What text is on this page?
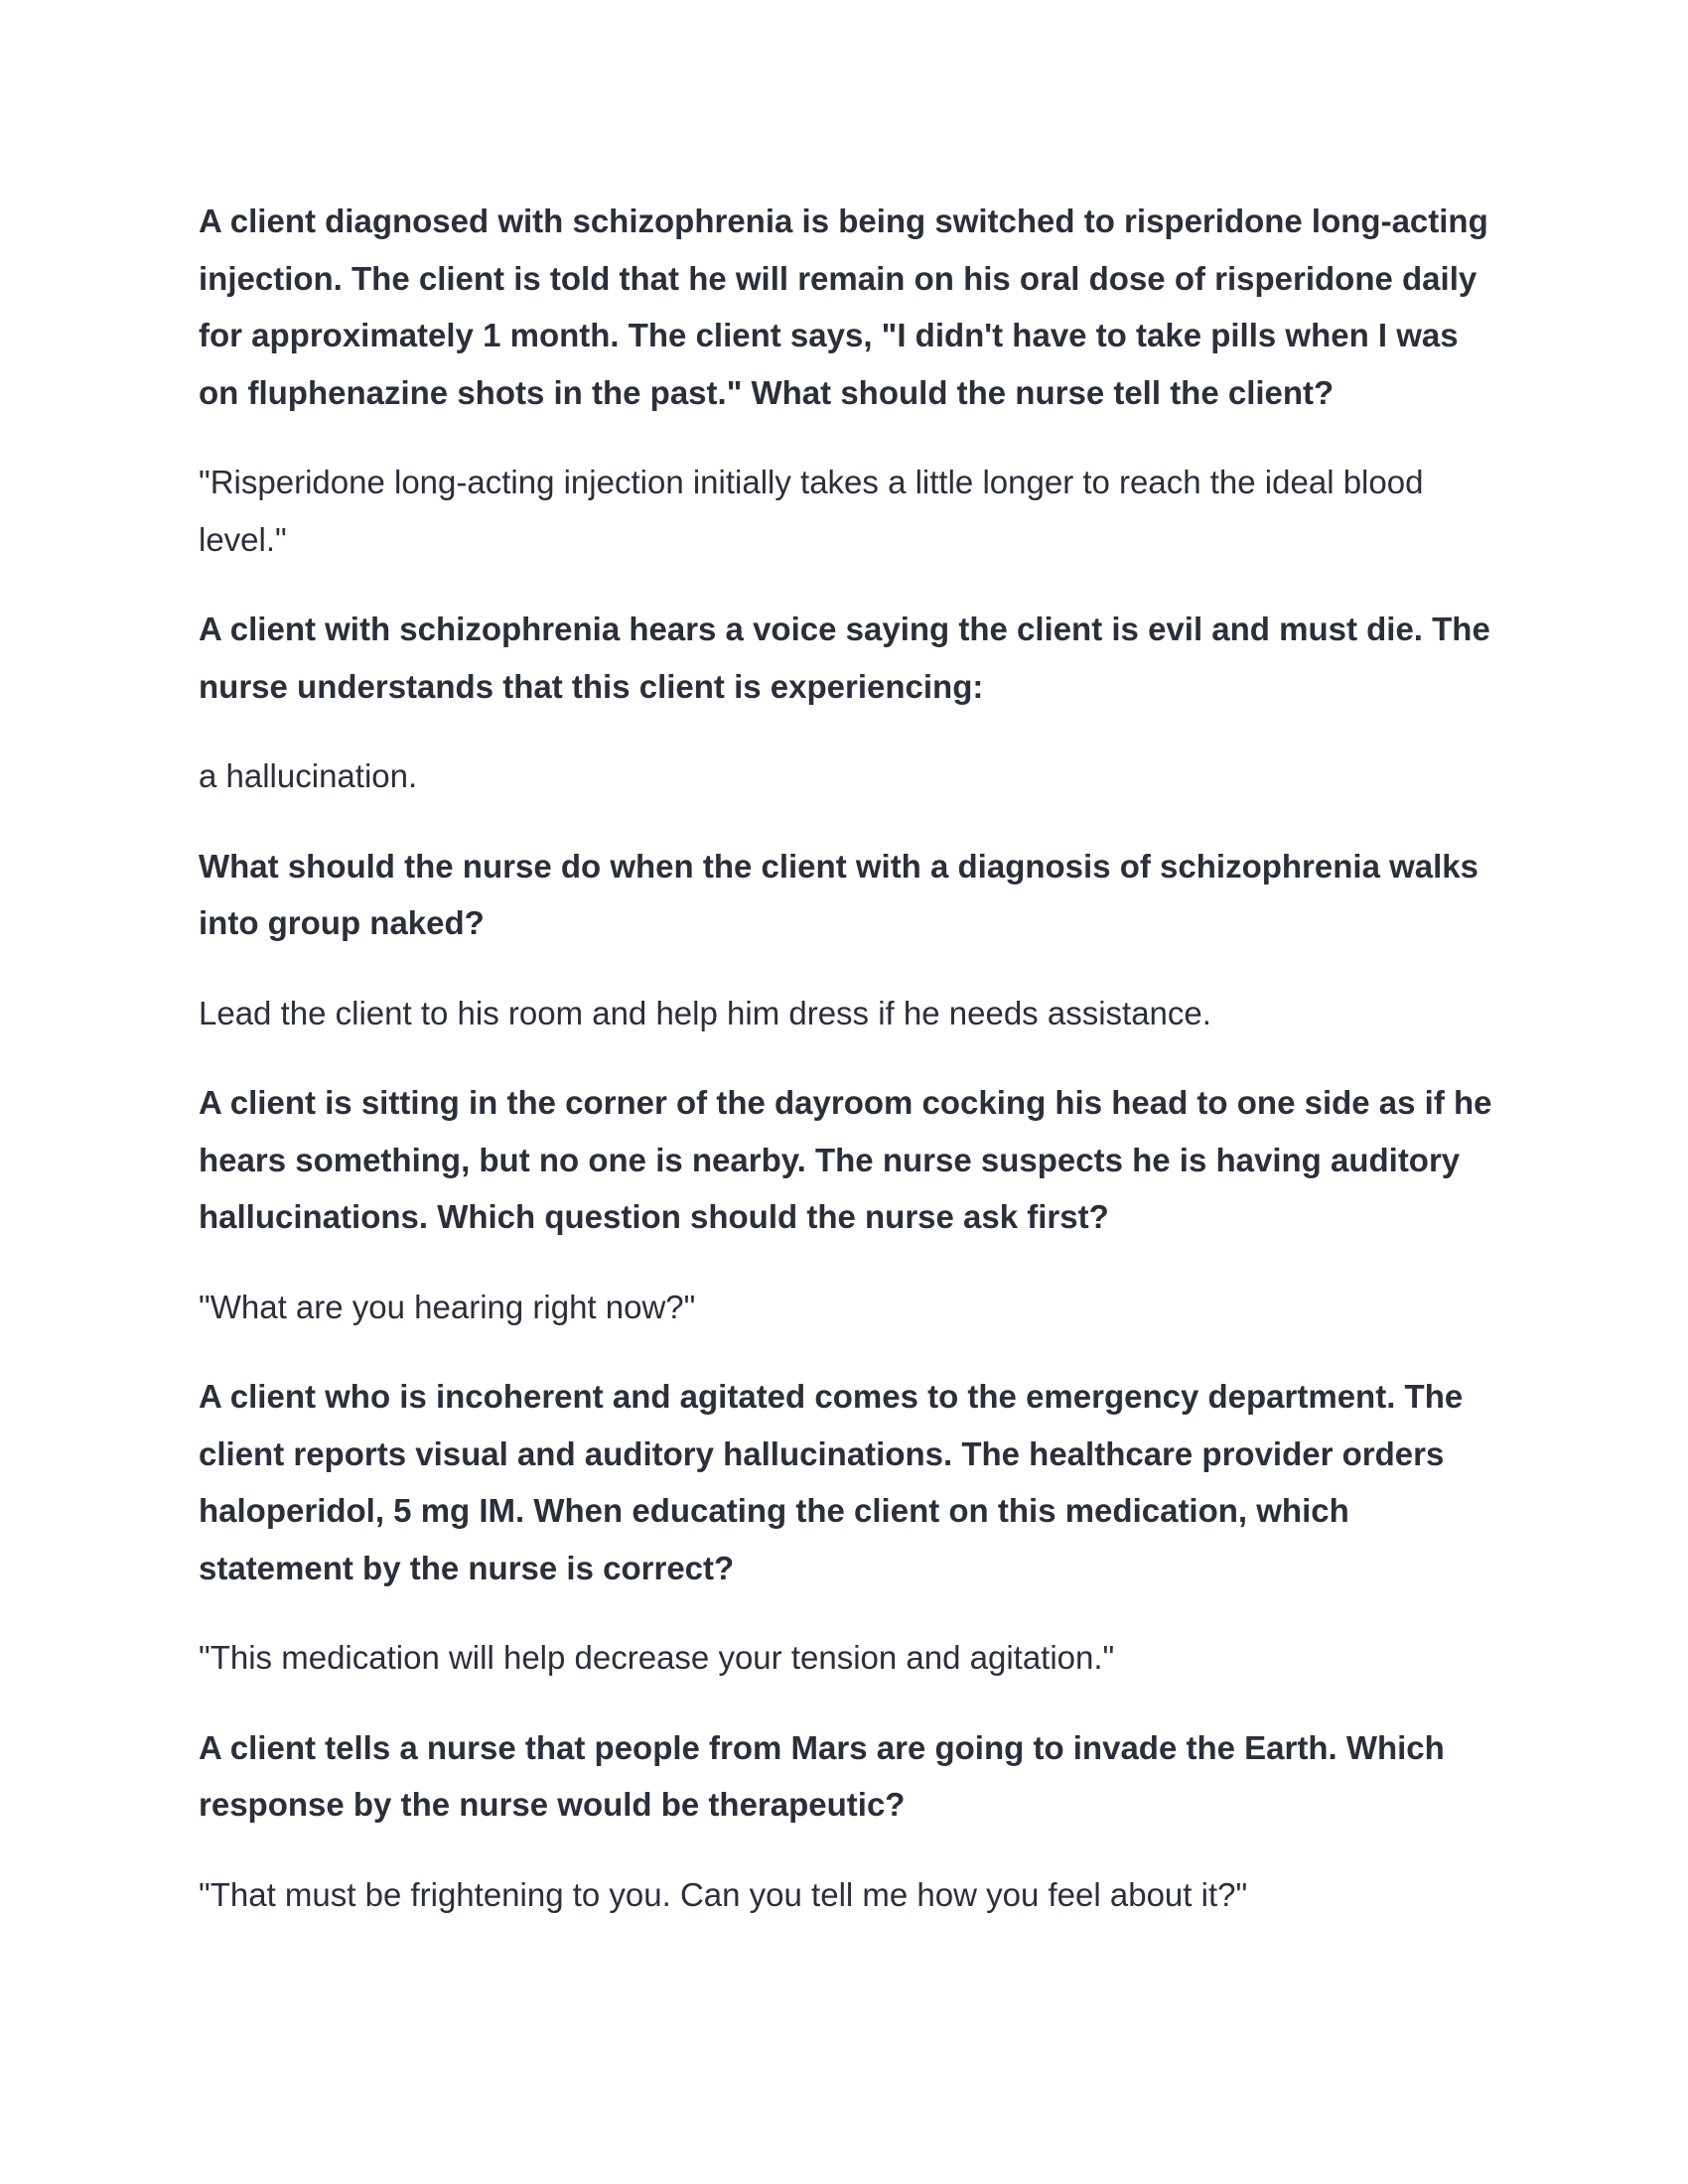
A client diagnosed with schizophrenia is being switched to risperidone long-acting injection. The client is told that he will remain on his oral dose of risperidone daily for approximately 1 month. The client says, "I didn't have to take pills when I was on fluphenazine shots in the past." What should the nurse tell the client?

"Risperidone long-acting injection initially takes a little longer to reach the ideal blood level."

A client with schizophrenia hears a voice saying the client is evil and must die. The nurse understands that this client is experiencing:

a hallucination.

What should the nurse do when the client with a diagnosis of schizophrenia walks into group naked?

Lead the client to his room and help him dress if he needs assistance.

A client is sitting in the corner of the dayroom cocking his head to one side as if he hears something, but no one is nearby. The nurse suspects he is having auditory hallucinations. Which question should the nurse ask first?

"What are you hearing right now?"

A client who is incoherent and agitated comes to the emergency department. The client reports visual and auditory hallucinations. The healthcare provider orders haloperidol, 5 mg IM. When educating the client on this medication, which statement by the nurse is correct?

"This medication will help decrease your tension and agitation."

A client tells a nurse that people from Mars are going to invade the Earth. Which response by the nurse would be therapeutic?

"That must be frightening to you. Can you tell me how you feel about it?"
